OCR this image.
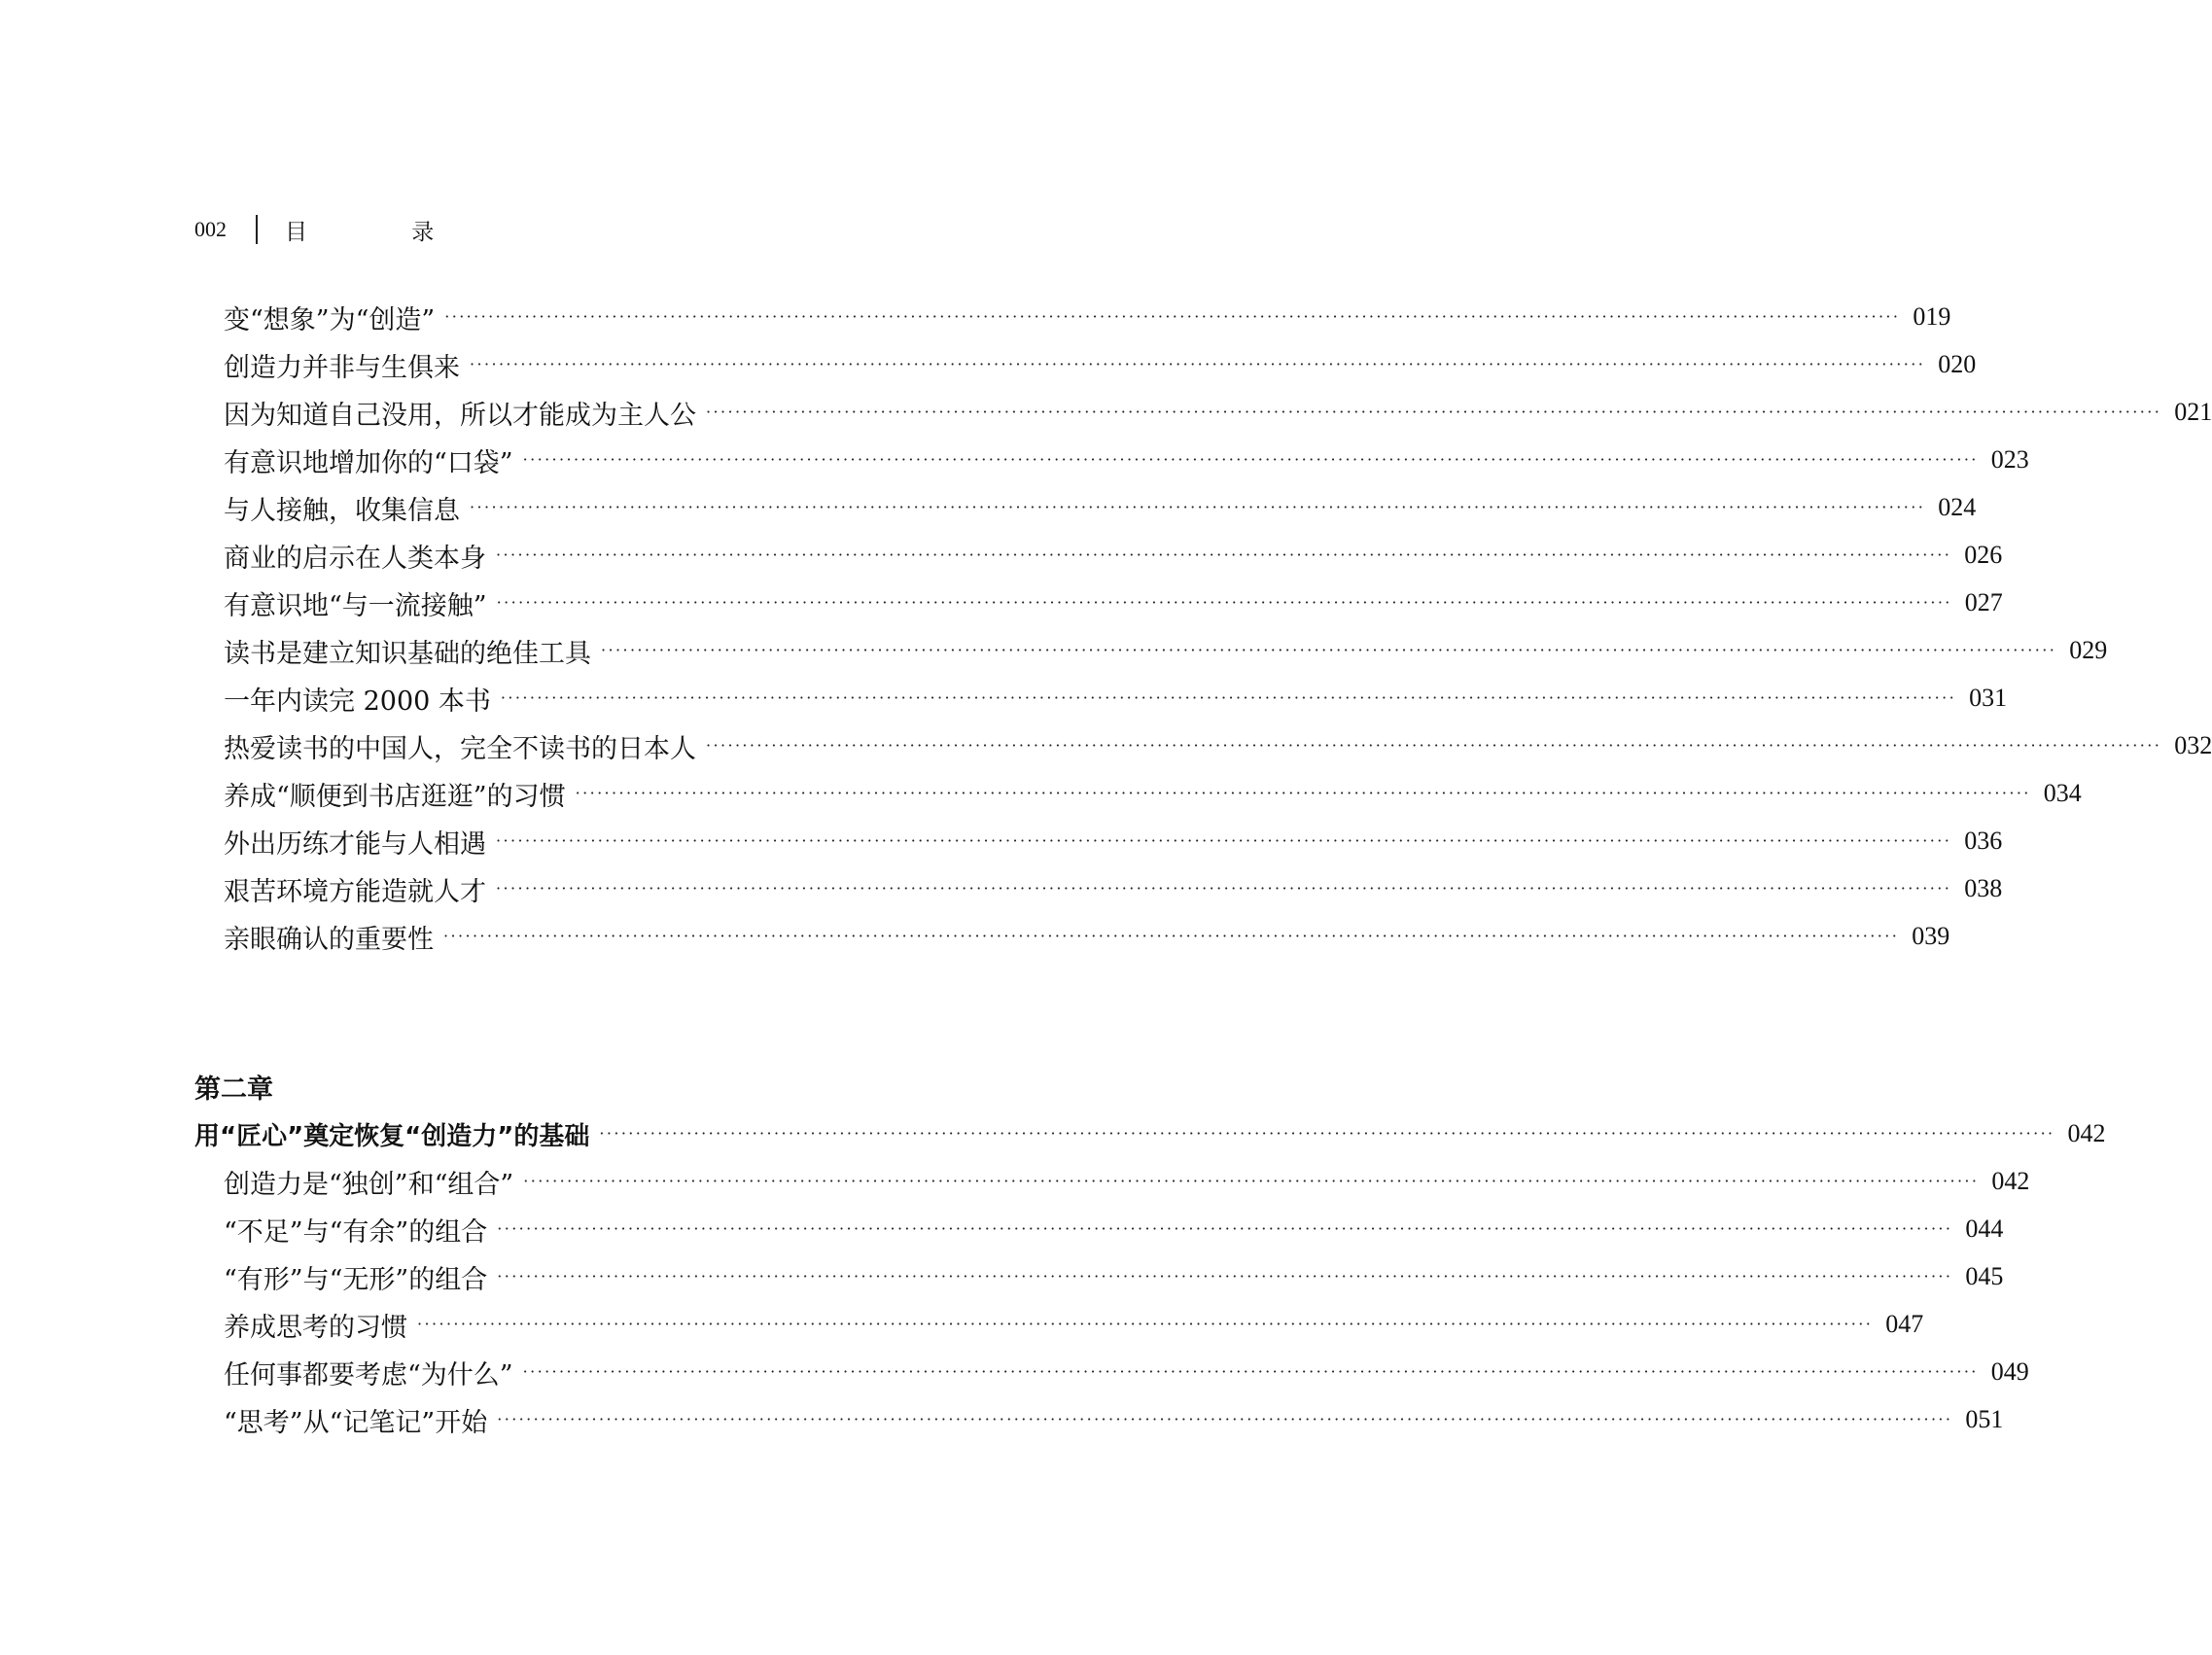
002	目 录
变“想象”为“创造” ········································································································································································································ 019
创造力并非与生俱来 ········································································································································································································ 020
因为知道自己没用，所以才能成为主人公 ········································································································································································································ 021
有意识地增加你的“口袋” ········································································································································································································ 023
与人接触，收集信息 ········································································································································································································ 024
商业的启示在人类本身 ········································································································································································································ 026
有意识地“与一流接触” ········································································································································································································ 027
读书是建立知识基础的绝佳工具 ········································································································································································································ 029
一年内读完 2000 本书 ········································································································································································································ 031
热爱读书的中国人，完全不读书的日本人 ········································································································································································································ 032
养成“顺便到书店逛逛”的习惯 ········································································································································································································ 034
外出历练才能与人相遇 ········································································································································································································ 036
艰苦环境方能造就人才 ········································································································································································································ 038
亲眼确认的重要性 ········································································································································································································ 039
第二章
用“匠心”奠定恢复“创造力”的基础 ········································································································································································································ 042
创造力是“独创”和“组合” ········································································································································································································ 042
“不足”与“有余”的组合 ········································································································································································································ 044
“有形”与“无形”的组合 ········································································································································································································ 045
养成思考的习惯 ········································································································································································································ 047
任何事都要考虑“为什么” ········································································································································································································ 049
“思考”从“记笔记”开始 ········································································································································································································ 051
